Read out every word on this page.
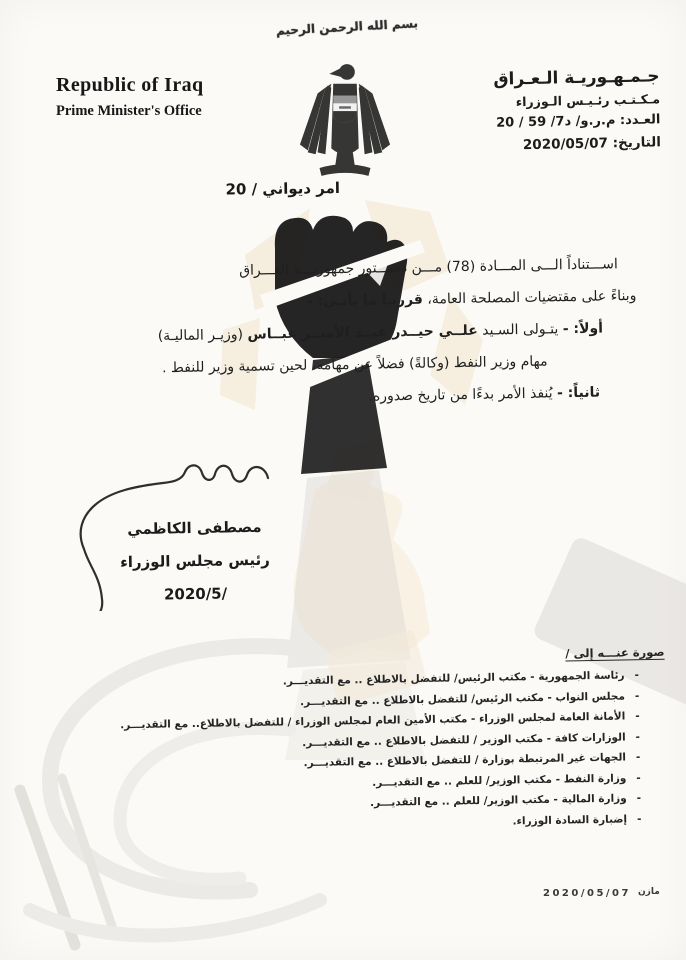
Republic of Iraq
Prime Minister's Office
بسم الله الرحمن الرحيم
جـمـهـوريـة الـعـراق
مـكـتـب رئـيـس الـوزراء
العـدد: م.ر.و/ د7/ 59 / 20
التاريخ: 2020/05/07
امر ديواني / 20
اســـتناداً الـــى المـــادة (78) مـــن دســـتور جمهوريـــة العـــراق
وبناءً على مقتضيات المصلحة العامة، قررنـا ما يأتـي: -
أولاً: - يتـولى السـيد علــي حيــدر عبــد الأميــر عبــاس (وزيـر الماليـة)
مهام وزير النفط (وكالةً) فضلاً عن مهامه، لحين تسمية وزير للنفط .
ثانياً: - يُنفذ الأمر بدءًا من تاريخ صدوره.
مصطفى الكاظمي
رئيس مجلس الوزراء
2020/5/
صورة عنـــه إلى /
-رئاسة الجمهورية - مكتب الرئيس/ للتفضل بالاطلاع .. مع التقديـــر.
-مجلس النواب - مكتب الرئيس/ للتفضل بالاطلاع .. مع التقديـــر.
-الأمانة العامة لمجلس الوزراء - مكتب الأمين العام لمجلس الوزراء / للتفضل بالاطلاع.. مع التقديـــر.
-الوزارات كافة - مكتب الوزير / للتفضل بالاطلاع .. مع التقديـــر.
-الجهات غير المرتبطة بوزارة / للتفضل بالاطلاع .. مع التقديـــر.
-وزارة النفط - مكتب الوزير/ للعلم .. مع التقديـــر.
-وزارة المالية - مكتب الوزير/ للعلم .. مع التقديـــر.
-إضبارة السادة الوزراء.
2020/05/07 مازن
